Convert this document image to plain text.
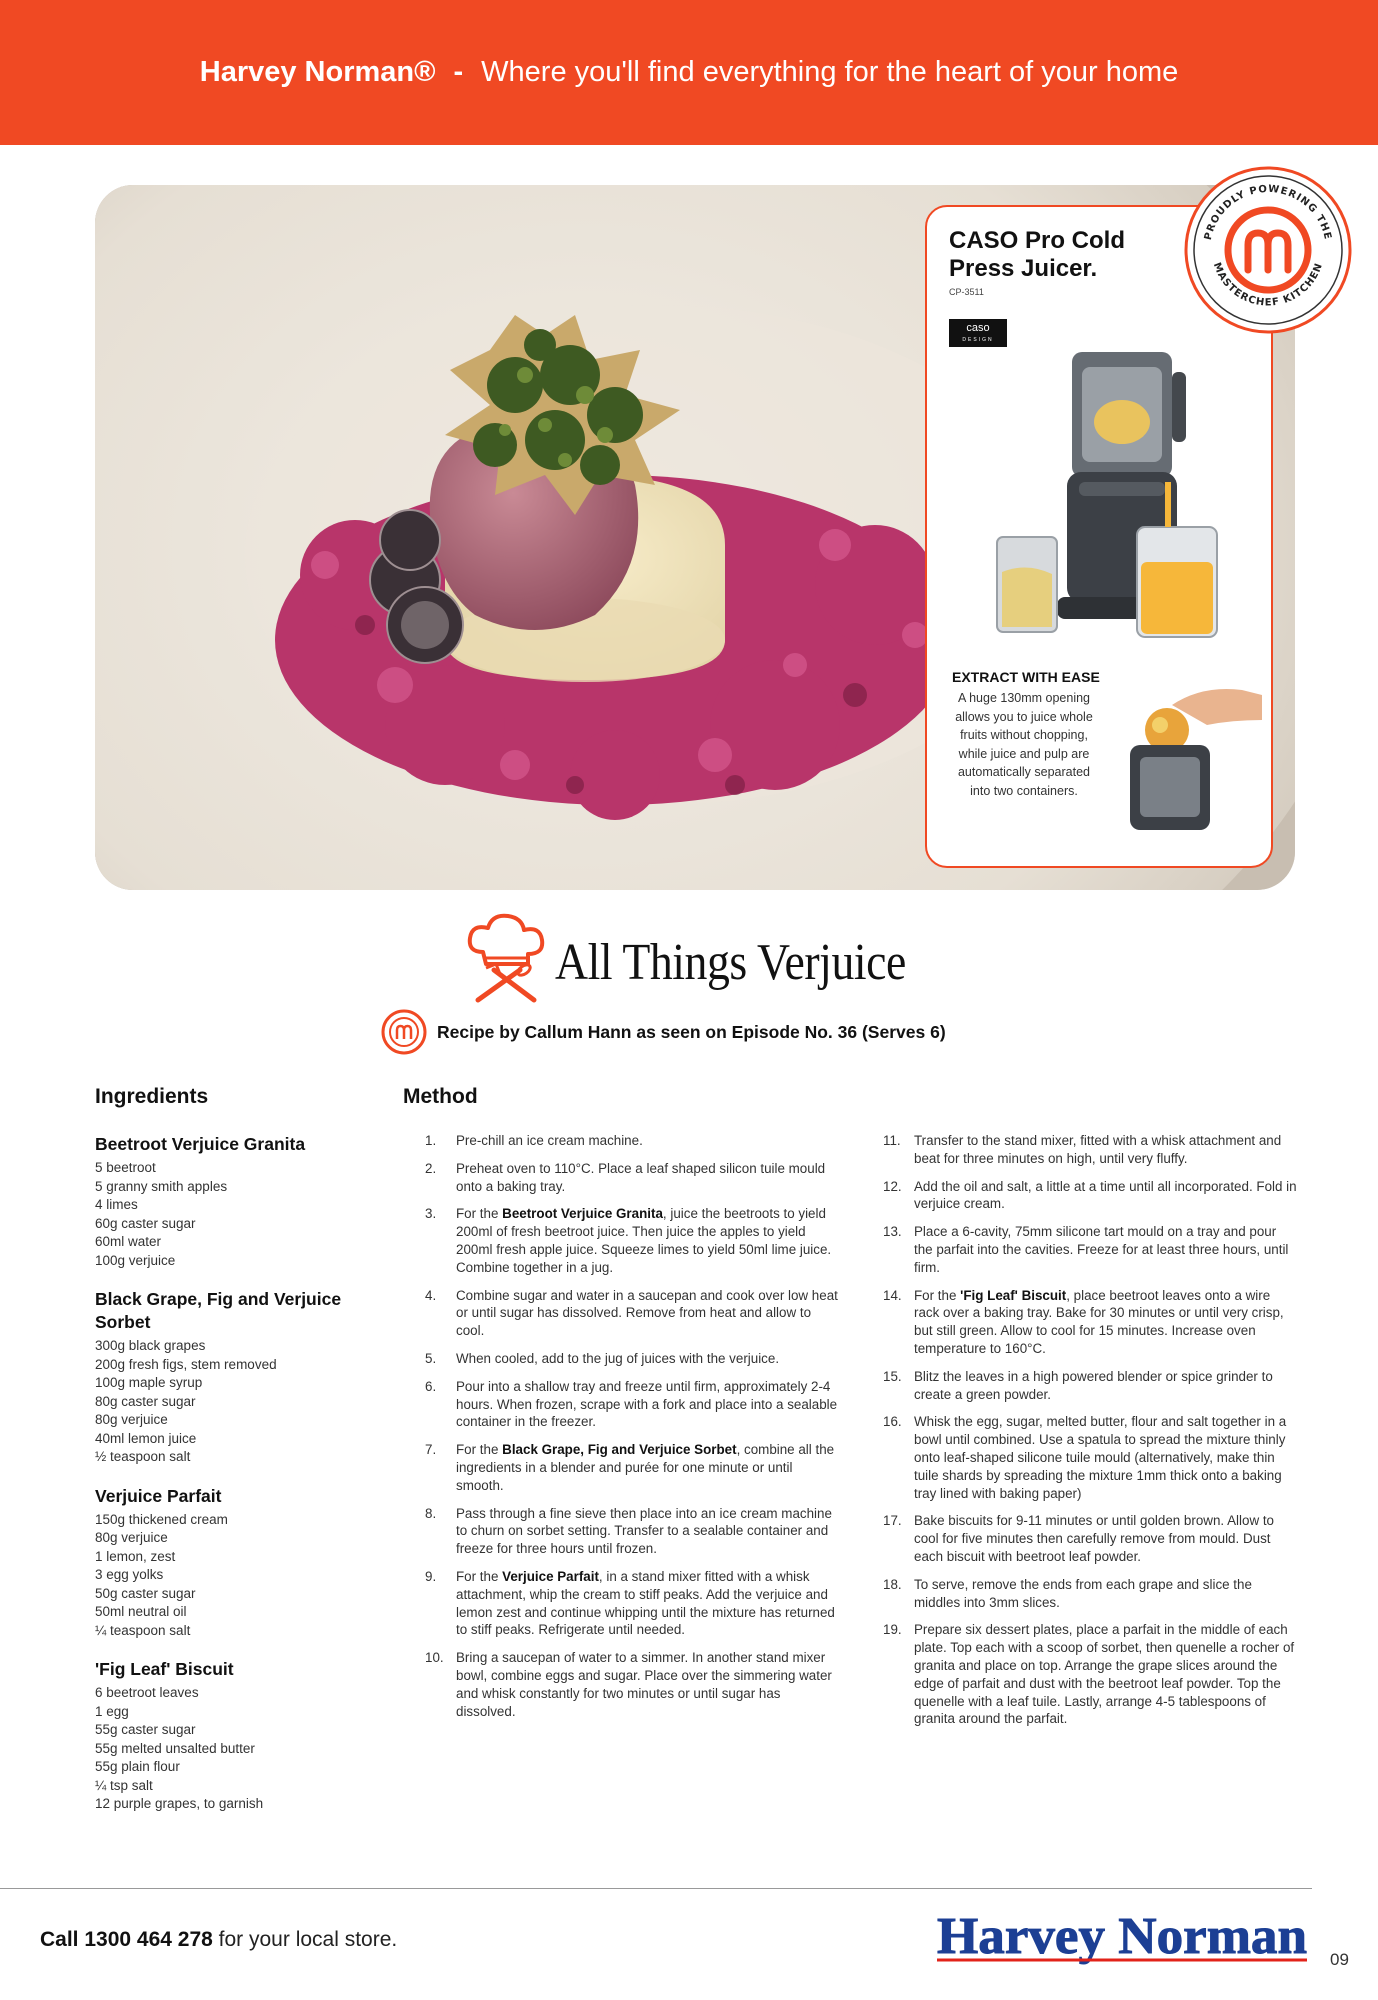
Harvey Norman® - Where you'll find everything for the heart of your home
CASO Pro Cold Press Juicer.
CP-3511
caso
DESIGN
EXTRACT WITH EASE
A huge 130mm opening allows you to juice whole fruits without chopping, while juice and pulp are automatically separated into two containers.
PROUDLY POWERING THE
MASTERCHEF KITCHEN
All Things Verjuice
Recipe by Callum Hann as seen on Episode No. 36 (Serves 6)
Ingredients	Method
Beetroot Verjuice Granita
5 beetroot
5 granny smith apples
4 limes
60g caster sugar
60ml water
100g verjuice
Black Grape, Fig and Verjuice Sorbet
300g black grapes
200g fresh figs, stem removed
100g maple syrup
80g caster sugar
80g verjuice
40ml lemon juice
½ teaspoon salt
Verjuice Parfait
150g thickened cream
80g verjuice
1 lemon, zest
3 egg yolks
50g caster sugar
50ml neutral oil
¼ teaspoon salt
'Fig Leaf' Biscuit
6 beetroot leaves
1 egg
55g caster sugar
55g melted unsalted butter
55g plain flour
¼ tsp salt
12 purple grapes, to garnish
1.	Pre-chill an ice cream machine.
2.	Preheat oven to 110°C. Place a leaf shaped silicon tuile mould onto a baking tray.
3.	For the Beetroot Verjuice Granita, juice the beetroots to yield 200ml of fresh beetroot juice. Then juice the apples to yield 200ml fresh apple juice. Squeeze limes to yield 50ml lime juice. Combine together in a jug.
4.	Combine sugar and water in a saucepan and cook over low heat or until sugar has dissolved. Remove from heat and allow to cool.
5.	When cooled, add to the jug of juices with the verjuice.
6.	Pour into a shallow tray and freeze until firm, approximately 2-4 hours. When frozen, scrape with a fork and place into a sealable container in the freezer.
7.	For the Black Grape, Fig and Verjuice Sorbet, combine all the ingredients in a blender and purée for one minute or until smooth.
8.	Pass through a fine sieve then place into an ice cream machine to churn on sorbet setting. Transfer to a sealable container and freeze for three hours until frozen.
9.	For the Verjuice Parfait, in a stand mixer fitted with a whisk attachment, whip the cream to stiff peaks. Add the verjuice and lemon zest and continue whipping until the mixture has returned to stiff peaks. Refrigerate until needed.
10. Bring a saucepan of water to a simmer. In another stand mixer bowl, combine eggs and sugar. Place over the simmering water and whisk constantly for two minutes or until sugar has dissolved.
11. Transfer to the stand mixer, fitted with a whisk attachment and beat for three minutes on high, until very fluffy.
12. Add the oil and salt, a little at a time until all incorporated. Fold in verjuice cream.
13. Place a 6-cavity, 75mm silicone tart mould on a tray and pour the parfait into the cavities. Freeze for at least three hours, until firm.
14. For the 'Fig Leaf' Biscuit, place beetroot leaves onto a wire rack over a baking tray. Bake for 30 minutes or until very crisp, but still green. Allow to cool for 15 minutes. Increase oven temperature to 160°C.
15. Blitz the leaves in a high powered blender or spice grinder to create a green powder.
16. Whisk the egg, sugar, melted butter, flour and salt together in a bowl until combined. Use a spatula to spread the mixture thinly onto leaf-shaped silicone tuile mould (alternatively, make thin tuile shards by spreading the mixture 1mm thick onto a baking tray lined with baking paper)
17. Bake biscuits for 9-11 minutes or until golden brown. Allow to cool for five minutes then carefully remove from mould. Dust each biscuit with beetroot leaf powder.
18. To serve, remove the ends from each grape and slice the middles into 3mm slices.
19. Prepare six dessert plates, place a parfait in the middle of each plate. Top each with a scoop of sorbet, then quenelle a rocher of granita and place on top. Arrange the grape slices around the edge of parfait and dust with the beetroot leaf powder. Top the quenelle with a leaf tuile. Lastly, arrange 4-5 tablespoons of granita around the parfait.
Call 1300 464 278 for your local store.	Harvey Norman 09
